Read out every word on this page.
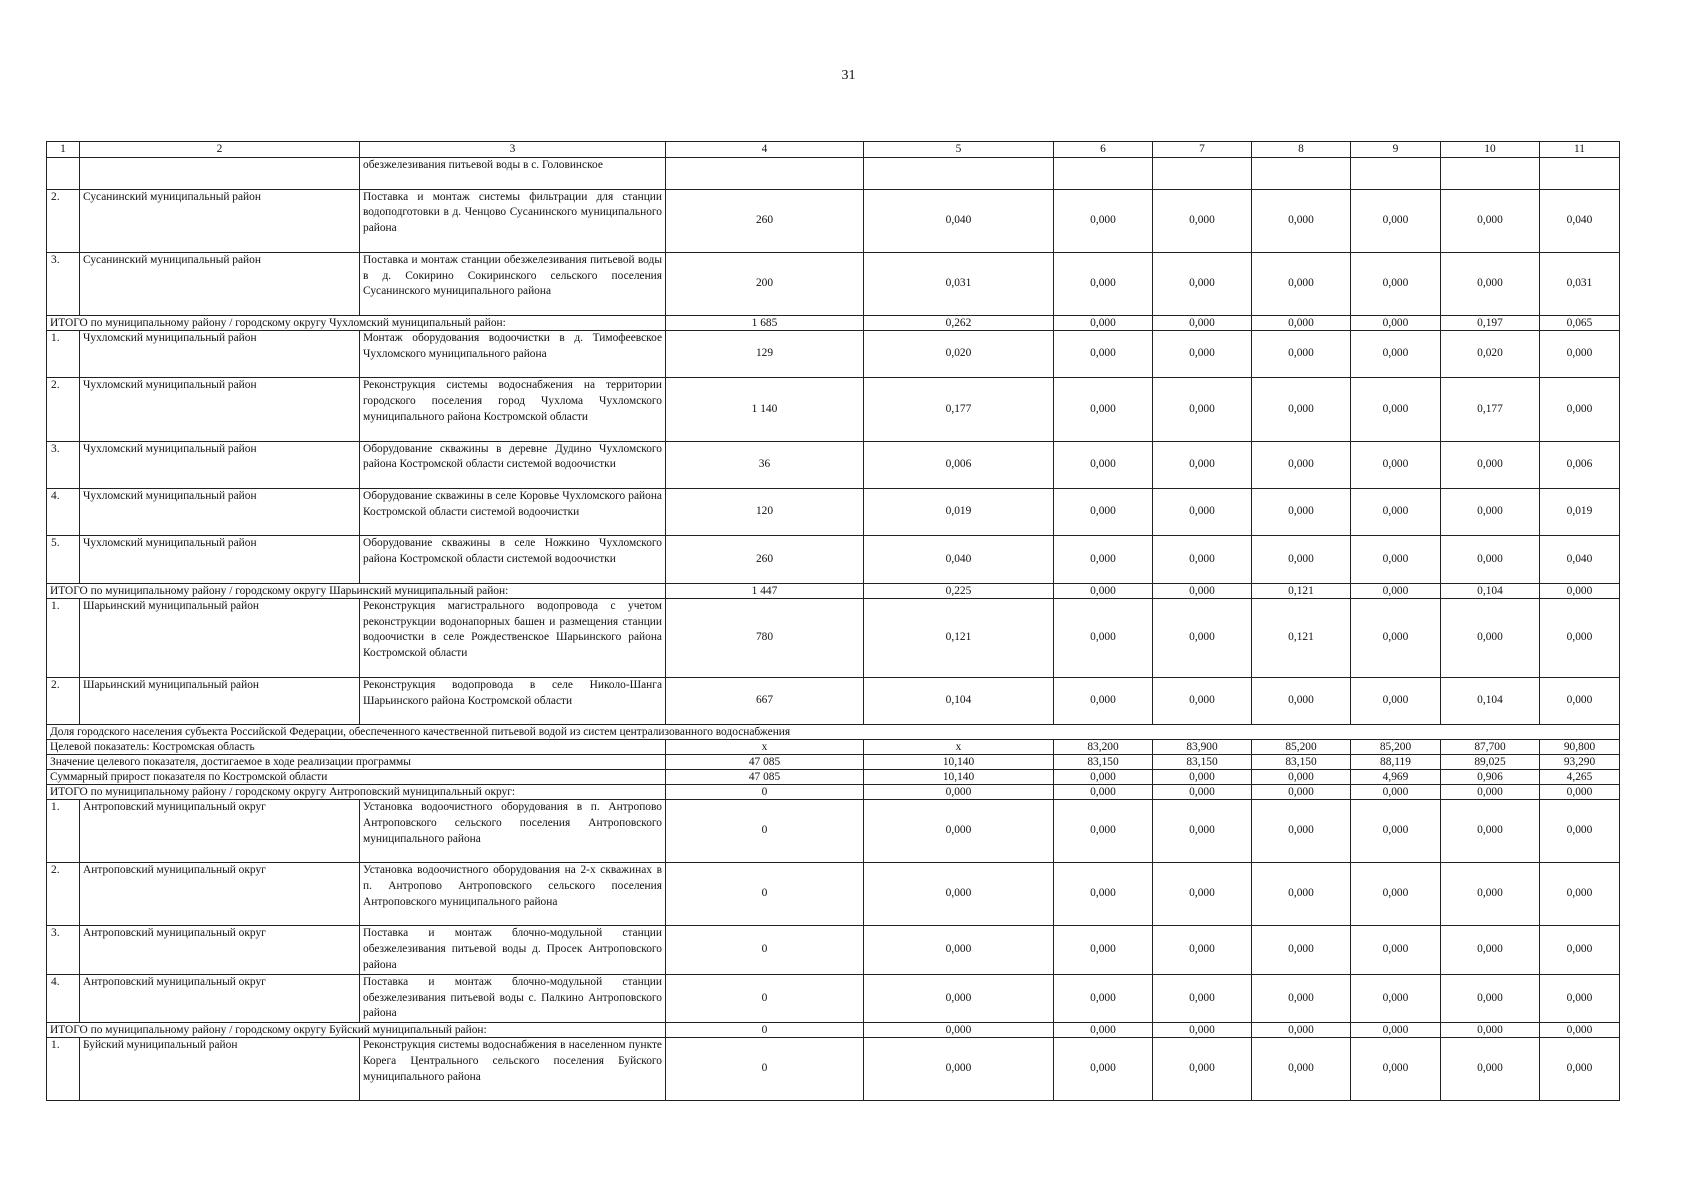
31
1	2	3	4	5	6	7	8	9	10	11
		обезжелезивания питьевой воды в с. Головинское								
2.	Сусанинский муниципальный район	Поставка и монтаж системы фильтрации для станции водоподготовки в д. Ченцово Сусанинского муниципального района	260	0,040	0,000	0,000	0,000	0,000	0,000	0,040
3.	Сусанинский муниципальный район	Поставка и монтаж станции обезжелезивания питьевой воды в д. Сокирино Сокиринского сельского поселения Сусанинского муниципального района	200	0,031	0,000	0,000	0,000	0,000	0,000	0,031
ИТОГО по муниципальному району / городскому округу Чухломский муниципальный район:			1 685	0,262	0,000	0,000	0,000	0,000	0,197	0,065
1.	Чухломский муниципальный район	Монтаж оборудования водоочистки в д. Тимофеевское Чухломского муниципального района	129	0,020	0,000	0,000	0,000	0,000	0,020	0,000
2.	Чухломский муниципальный район	Реконструкция системы водоснабжения на территории городского поселения город Чухлома Чухломского муниципального района Костромской области	1 140	0,177	0,000	0,000	0,000	0,000	0,177	0,000
3.	Чухломский муниципальный район	Оборудование скважины в деревне Дудино Чухломского района Костромской области системой водоочистки	36	0,006	0,000	0,000	0,000	0,000	0,000	0,006
4.	Чухломский муниципальный район	Оборудование скважины в селе Коровье Чухломского района Костромской области системой водоочистки	120	0,019	0,000	0,000	0,000	0,000	0,000	0,019
5.	Чухломский муниципальный район	Оборудование скважины в селе Ножкино Чухломского района Костромской области системой водоочистки	260	0,040	0,000	0,000	0,000	0,000	0,000	0,040
ИТОГО по муниципальному району / городскому округу Шарьинский муниципальный район:			1 447	0,225	0,000	0,000	0,121	0,000	0,104	0,000
1.	Шарьинский муниципальный район	Реконструкция магистрального водопровода с учетом реконструкции водонапорных башен и размещения станции водоочистки в селе Рождественское Шарьинского района Костромской области	780	0,121	0,000	0,000	0,121	0,000	0,000	0,000
2.	Шарьинский муниципальный район	Реконструкция водопровода в селе Николо-Шанга Шарьинского района Костромской области	667	0,104	0,000	0,000	0,000	0,000	0,104	0,000
Доля городского населения субъекта Российской Федерации, обеспеченного качественной питьевой водой из систем централизованного водоснабжения										
Целевой показатель: Костромская область			x	x	83,200	83,900	85,200	85,200	87,700	90,800
Значение целевого показателя, достигаемое в ходе реализации программы			47 085	10,140	83,150	83,150	83,150	88,119	89,025	93,290
Суммарный прирост показателя по Костромской области			47 085	10,140	0,000	0,000	0,000	4,969	0,906	4,265
ИТОГО по муниципальному району / городскому округу Антроповский муниципальный округ:			0	0,000	0,000	0,000	0,000	0,000	0,000	0,000
1.	Антроповский муниципальный округ	Установка водоочистного оборудования в п. Антропово Антроповского сельского поселения Антроповского муниципального района	0	0,000	0,000	0,000	0,000	0,000	0,000	0,000
2.	Антроповский муниципальный округ	Установка водоочистного оборудования на 2-х скважинах в п. Антропово Антроповского сельского поселения Антроповского муниципального района	0	0,000	0,000	0,000	0,000	0,000	0,000	0,000
3.	Антроповский муниципальный округ	Поставка и монтаж блочно-модульной станции обезжелезивания питьевой воды д. Просек Антроповского района	0	0,000	0,000	0,000	0,000	0,000	0,000	0,000
4.	Антроповский муниципальный округ	Поставка и монтаж блочно-модульной станции обезжелезивания питьевой воды с. Палкино Антроповского района	0	0,000	0,000	0,000	0,000	0,000	0,000	0,000
ИТОГО по муниципальному району / городскому округу Буйский муниципальный район:			0	0,000	0,000	0,000	0,000	0,000	0,000	0,000
1.	Буйский муниципальный район	Реконструкция системы водоснабжения в населенном пункте Корега Центрального сельского поселения Буйского муниципального района	0	0,000	0,000	0,000	0,000	0,000	0,000	0,000
